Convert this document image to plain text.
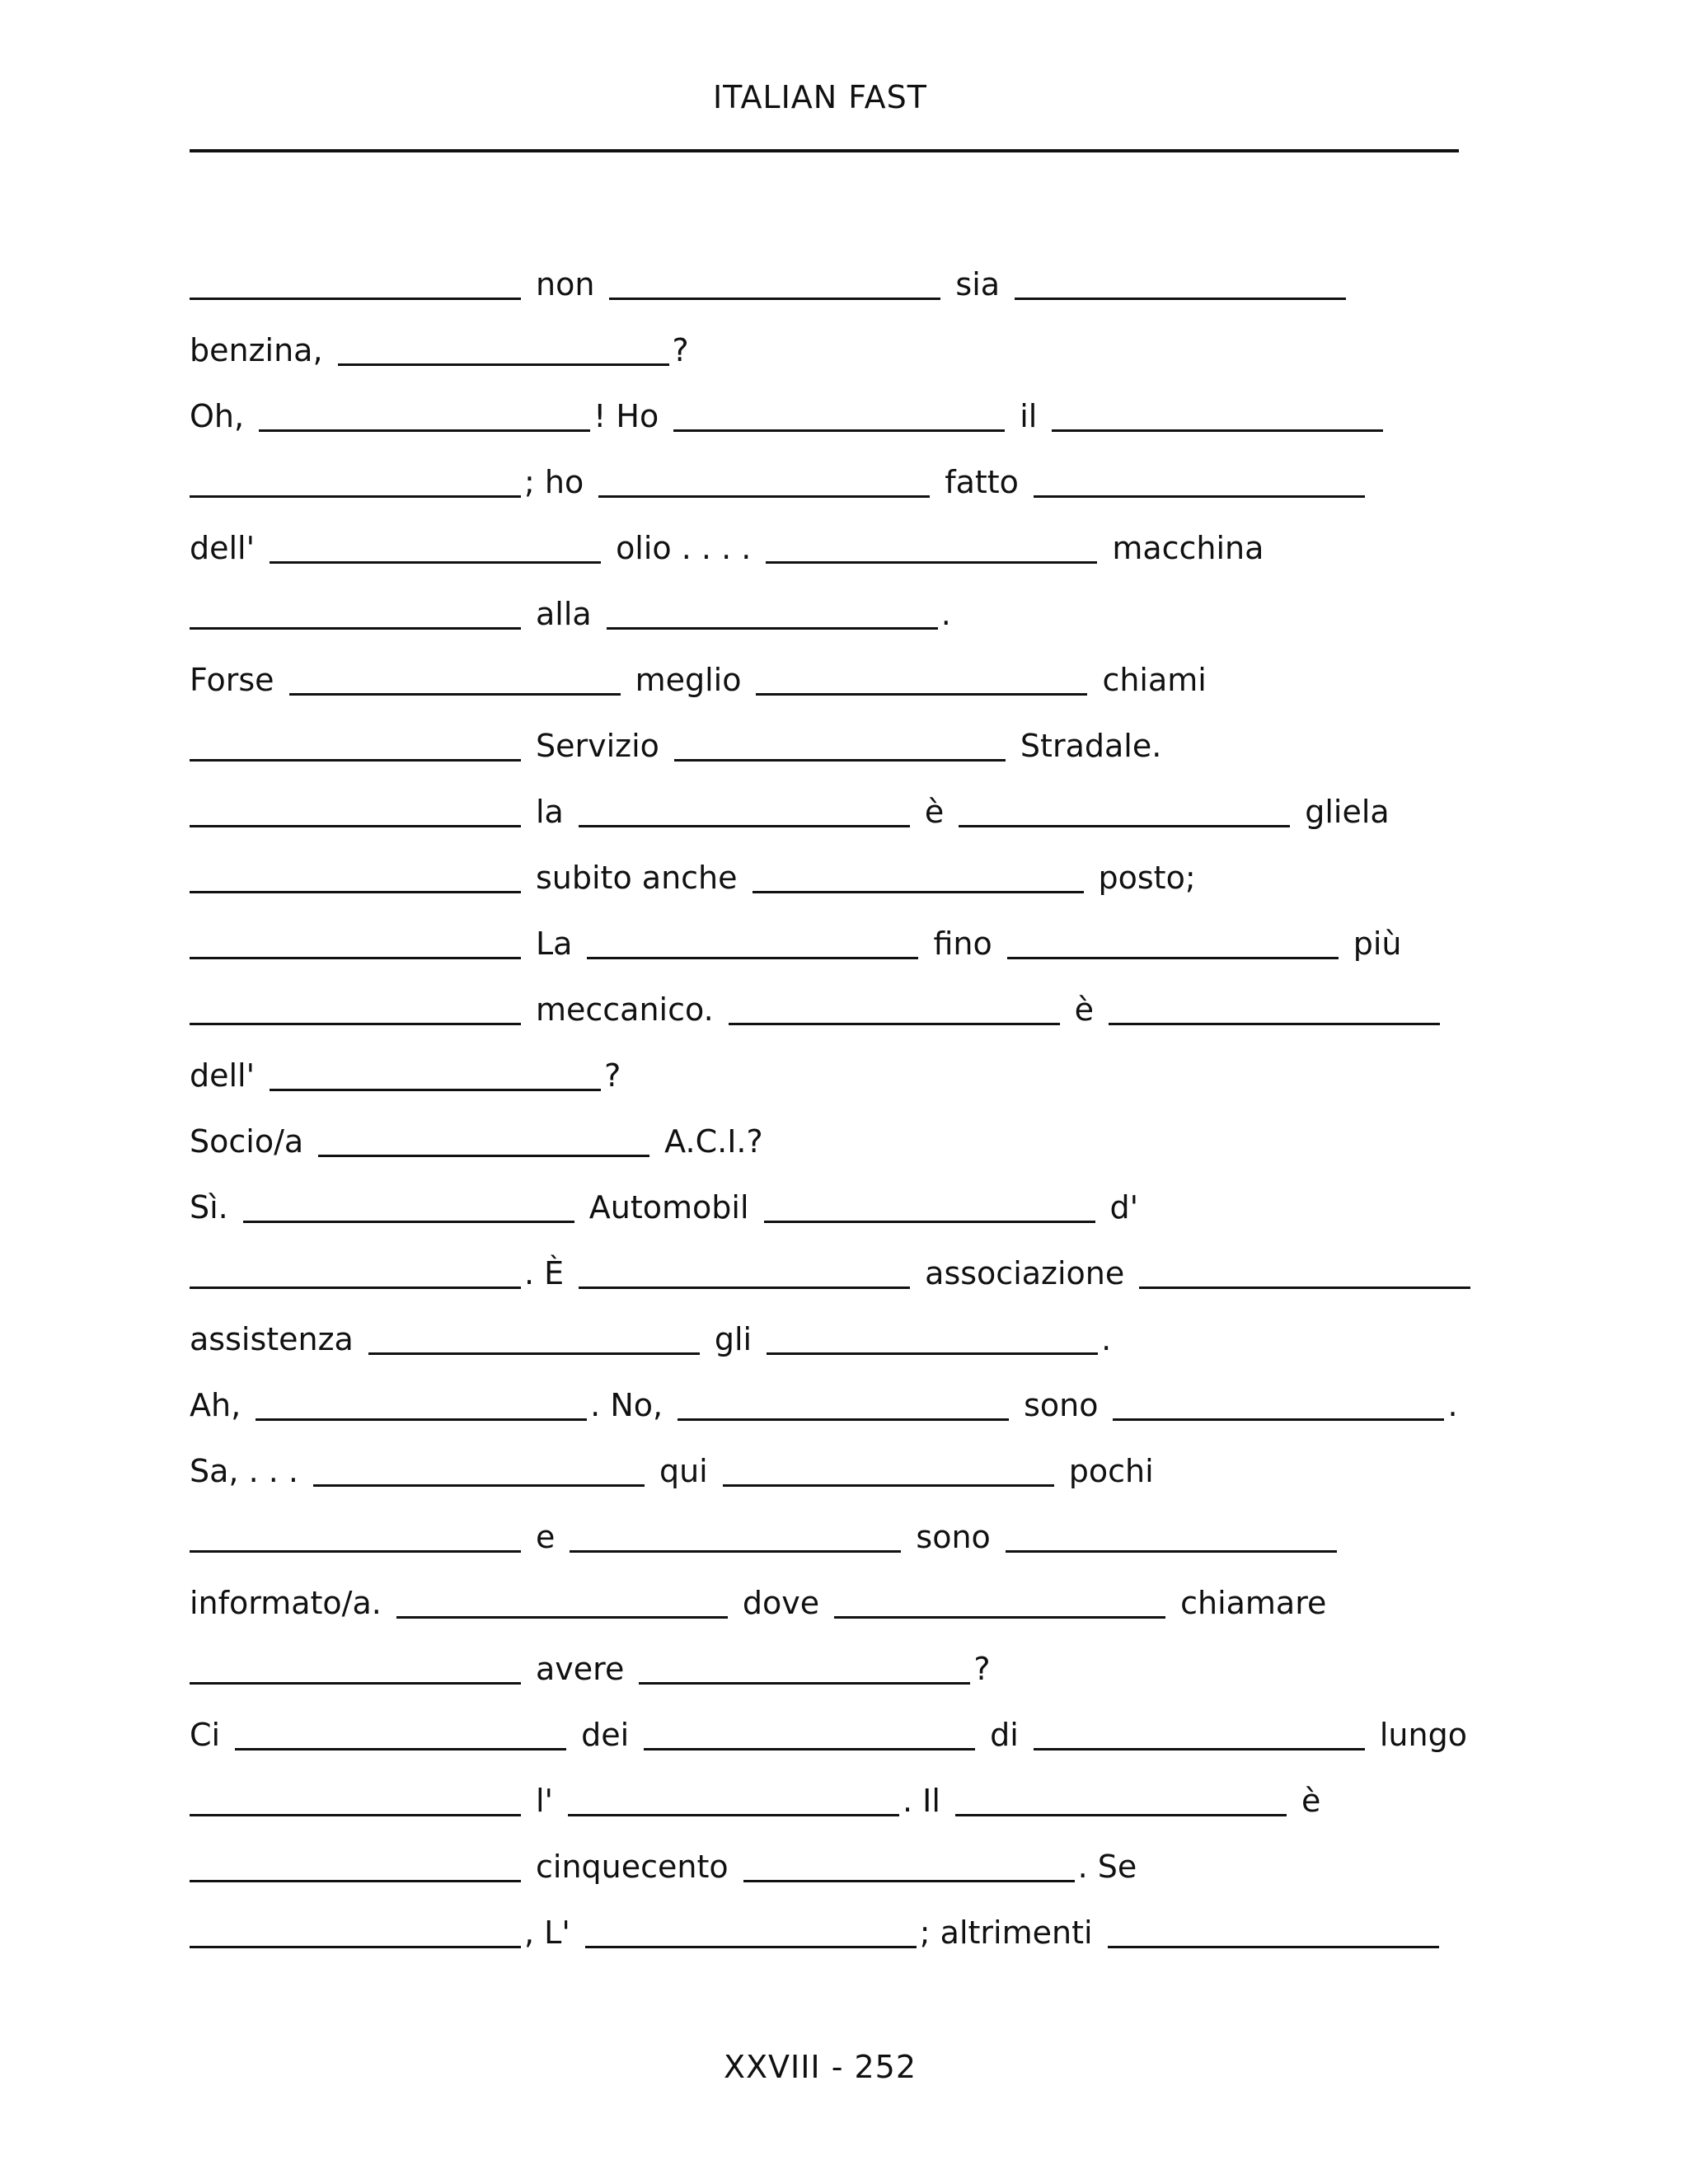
ITALIAN FAST
non	sia
benzina,	?
Oh,	! Ho	il
; ho	fatto
dell'	olio . . . .	macchina
alla	.
Forse	meglio	chiami
Servizio	Stradale.
la	è	gliela
subito anche	posto;
La	fino	più
meccanico.	è
dell'	?
Socio/a	A.C.I.?
Sì.	Automobil	d'
. È	associazione
assistenza	gli	.
Ah,	. No,	sono	.
Sa, . . .	qui	pochi
e	sono
informato/a.	dove	chiamare
avere	?
Ci	dei	di	lungo
l'	. Il	è
cinquecento	. Se
, L'	; altrimenti
XXVIII - 252
